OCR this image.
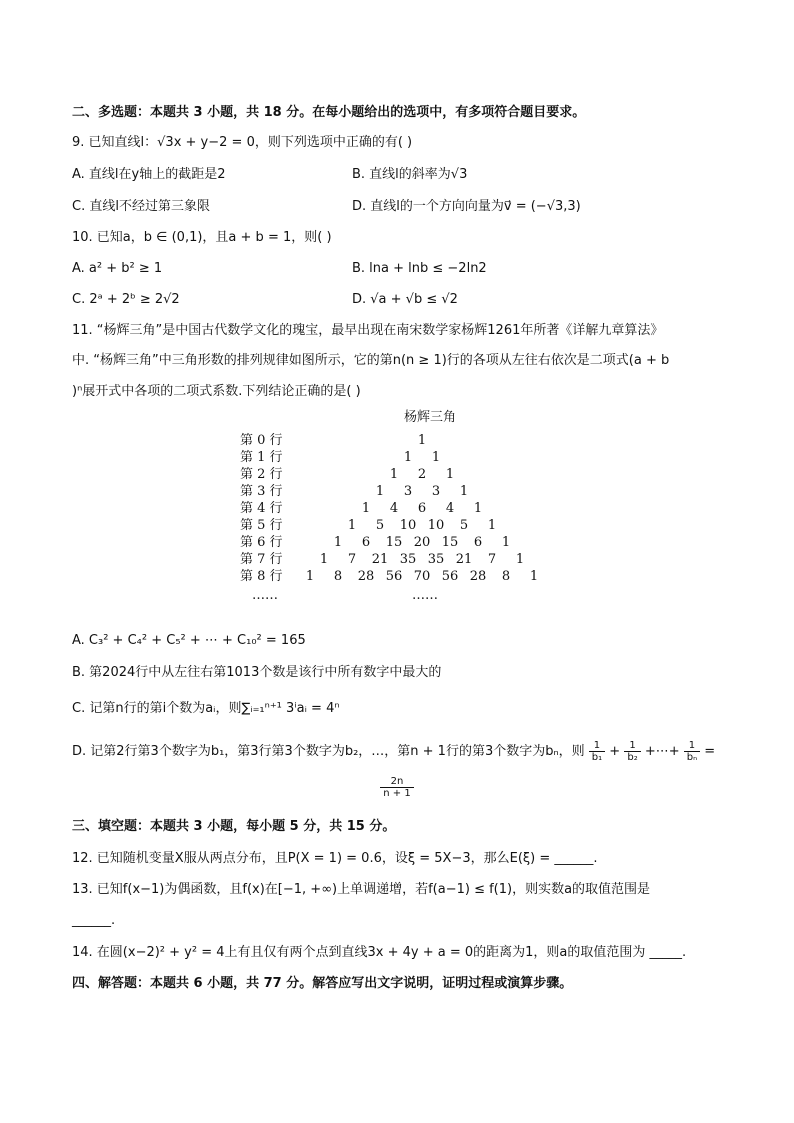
二、多选题：本题共 3 小题，共 18 分。在每小题给出的选项中，有多项符合题目要求。
9. 已知直线l：√3x + y−2 = 0，则下列选项中正确的有( )
A. 直线l在y轴上的截距是2	B. 直线l的斜率为√3
C. 直线l不经过第三象限	D. 直线l的一个方向向量为v⃗ = (−√3,3)
10. 已知a，b ∈ (0,1)，且a + b = 1，则( )
A. a² + b² ≥ 1	B. lna + lnb ≤ −2ln2
C. 2ᵃ + 2ᵇ ≥ 2√2	D. √a + √b ≤ √2
11. “杨辉三角”是中国古代数学文化的瑰宝，最早出现在南宋数学家杨辉1261年所著《详解九章算法》
中. “杨辉三角”中三角形数的排列规律如图所示，它的第n(n ≥ 1)行的各项从左往右依次是二项式(a + b
)ⁿ展开式中各项的二项式系数.下列结论正确的是( )
杨辉三角
第 0 行	1
第 1 行	1	1
第 2 行	1	2	1
第 3 行	1	3	3	1
第 4 行	1	4	6	4	1
第 5 行	1	5	10 10	5	1
第 6 行	1	6	15 20 15	6	1
第 7 行	1	7	21 35 35 21	7	1
第 8 行	1	8	28 56 70 56 28	8	1
……	……
A. C₃² + C₄² + C₅² + ⋯ + C₁₀² = 165
B. 第2024行中从左往右第1013个数是该行中所有数字中最大的
C. 记第n行的第i个数为aᵢ，则∑ᵢ₌₁ⁿ⁺¹ 3ⁱaᵢ = 4ⁿ
D. 记第2行第3个数字为b₁，第3行第3个数字为b₂，…，第n + 1行的第3个数字为bₙ，则 $\frac{1}{\text{b₁}} + \frac{1}{\text{b₂}}$ +⋯+ $\frac{1}{\text{bₙ}}$ =
$\frac{2n}{n + 1}$
三、填空题：本题共 3 小题，每小题 5 分，共 15 分。
12. 已知随机变量X服从两点分布，且P(X = 1) = 0.6，设ξ = 5X−3，那么E(ξ) = ______.
13. 已知f(x−1)为偶函数，且f(x)在[−1, +∞)上单调递增，若f(a−1) ≤ f(1)，则实数a的取值范围是
______.
14. 在圆(x−2)² + y² = 4上有且仅有两个点到直线3x + 4y + a = 0的距离为1，则a的取值范围为 _____.
四、解答题：本题共 6 小题，共 77 分。解答应写出文字说明，证明过程或演算步骤。
